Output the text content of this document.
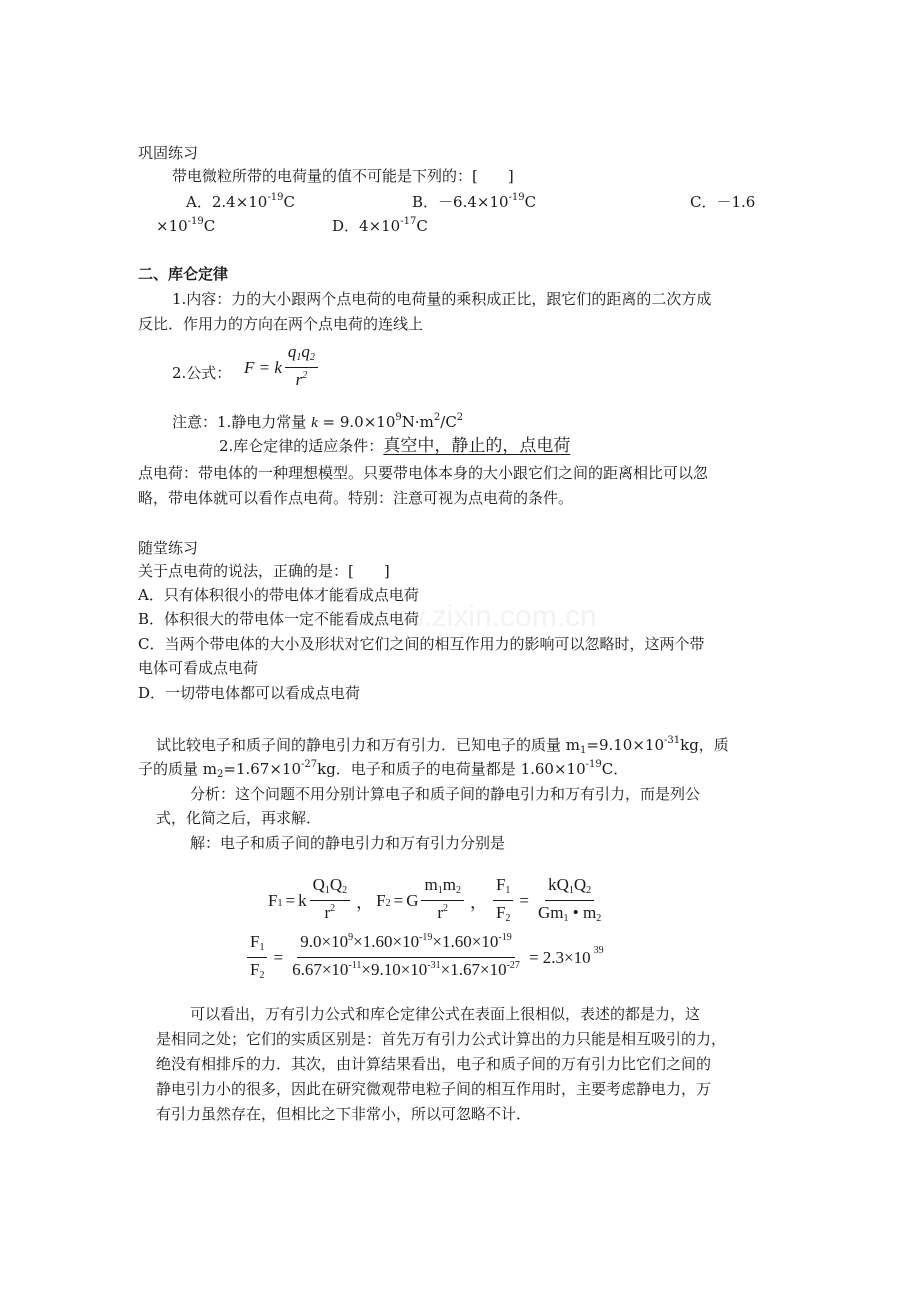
www.zixin.com.cn
巩固练习
带电微粒所带的电荷量的值不可能是下列的：[　　]
A．$2.4\times 10^{-19}C$	B．$-6.4\times 10^{-19}C$	C．－1.6
$\times 10^{-19}C$	D．$4\times 10^{-17}C$
二、库仑定律
1.内容：力的大小跟两个点电荷的电荷量的乘积成正比，跟它们的距离的二次方成
反比．作用力的方向在两个点电荷的连线上
2.公式： F = k $\frac{q1q2}{r^2}$
注意：1.静电力常量 $k = 9.0\times 10^9N\cdot m^2/C^2$
2.库仑定律的适应条件：真空中，静止的，点电荷
点电荷：带电体的一种理想模型。只要带电体本身的大小跟它们之间的距离相比可以忽
略，带电体就可以看作点电荷。特别：注意可视为点电荷的条件。
随堂练习
关于点电荷的说法，正确的是：[　　]
A．只有体积很小的带电体才能看成点电荷
B．体积很大的带电体一定不能看成点电荷
C．当两个带电体的大小及形状对它们之间的相互作用力的影响可以忽略时，这两个带
电体可看成点电荷
D．一切带电体都可以看成点电荷
试比较电子和质子间的静电引力和万有引力．已知电子的质量 $m_1=9.10\times 10^{-31}kg$，质
子的质量 $m_2=1.67\times 10^{-27}kg$．电子和质子的电荷量都是 $1.60\times 10^{-19}C$．
分析：这个问题不用分别计算电子和质子间的静电引力和万有引力，而是列公
式，化简之后，再求解．
解：电子和质子间的静电引力和万有引力分别是
F 1 = k $\frac{Q1Q2}{r^2}$ ， F 2 = G $\frac{m1m2}{r^2}$ ， $\frac{F1}{F2} = \frac{kQ1Q2}{Gm1 • m2}$
$\frac{F1}{F2} = \frac{9.0\times 10^9\times 1.60\times 10^{-19}\times 1.60\times 10^{-19}}{6.67\times 10^{-11}\times 9.10\times 10^{-31}\times 1.67\times 10^{-27}} = 2.3\times 10$ 39
可以看出，万有引力公式和库仑定律公式在表面上很相似，表述的都是力，这
是相同之处；它们的实质区别是：首先万有引力公式计算出的力只能是相互吸引的力，
绝没有相排斥的力．其次，由计算结果看出，电子和质子间的万有引力比它们之间的
静电引力小的很多，因此在研究微观带电粒子间的相互作用时，主要考虑静电力，万
有引力虽然存在，但相比之下非常小，所以可忽略不计．
